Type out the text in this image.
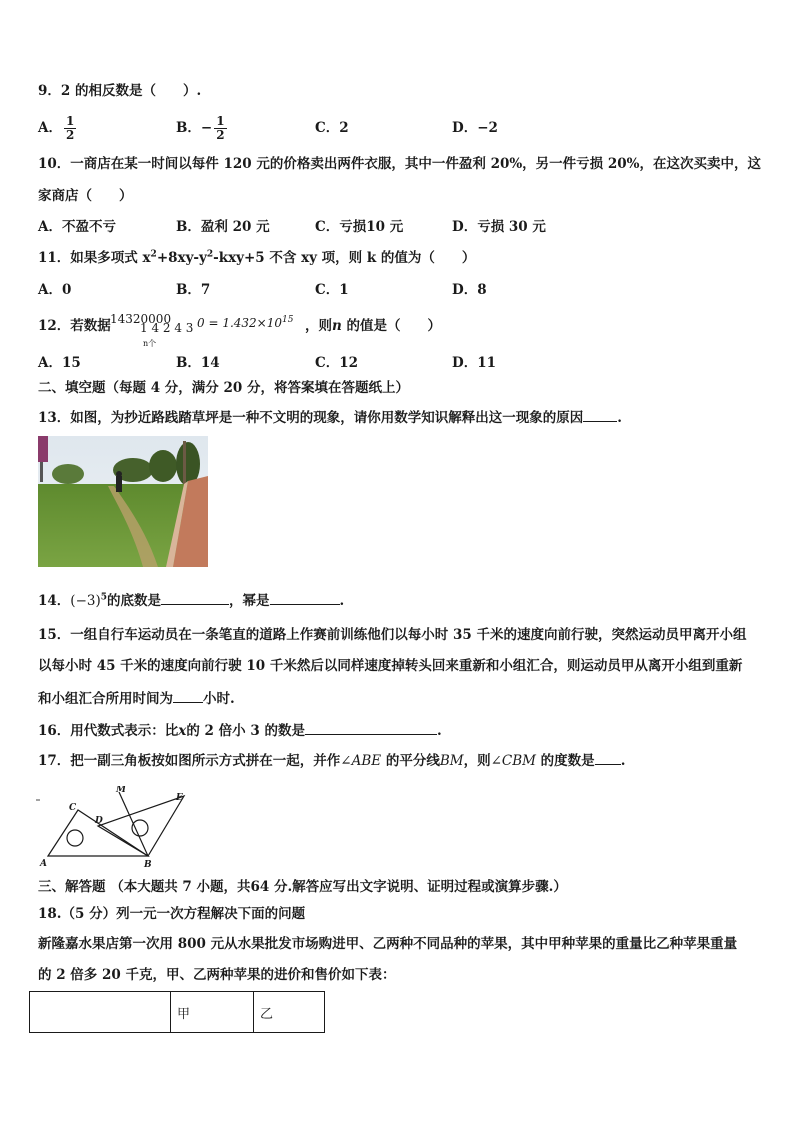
9．2 的相反数是（　　）.
A． $\frac{1}{2}$	B．− $\frac{1}{2}$	C．2	D．−2
10．一商店在某一时间以每件 120 元的价格卖出两件衣服，其中一件盈利 20%，另一件亏损 20%，在这次买卖中，这
家商店（　　）
A．不盈不亏	B．盈利 20 元	C．亏损10 元	D．亏损 30 元
11．如果多项式 $x^2+8xy-y^2-kxy+5$ 不含 xy 项，则 k 的值为（　　）
A．0	B．7	C．1	D．8
12．若数据 14320000
1 4 2 4 3 $0 = 1.432\times 10^{15}$
n个
，则n 的值是（　　）
A．15	B．14	C．12	D．11
二、填空题（每题 4 分，满分 20 分，将答案填在答题纸上）
13．如图，为抄近路践踏草坪是一种不文明的现象，请你用数学知识解释出这一现象的原因	.
14．$(-3)^5$的底数是	，幂是	.
15．一组自行车运动员在一条笔直的道路上作赛前训练他们以每小时 35 千米的速度向前行驶，突然运动员甲离开小组
以每小时 45 千米的速度向前行驶 10 千米然后以同样速度掉转头回来重新和小组汇合，则运动员甲从离开小组到重新
和小组汇合所用时间为 小时.
16．用代数式表示：比x的 2 倍小 3 的数是	.
17．把一副三角板按如图所示方式拼在一起，并作∠ABE 的平分线BM，则∠CBM 的度数是 .
M
C
E
D
A	B
三、解答题 （本大题共 7 小题，共64 分.解答应写出文字说明、证明过程或演算步骤.）
18.（5 分）列一元一次方程解决下面的问题
新隆嘉水果店第一次用 800 元从水果批发市场购进甲、乙两种不同品种的苹果，其中甲种苹果的重量比乙种苹果重量
的 2 倍多 20 千克，甲、乙两种苹果的进价和售价如下表：
	甲	乙
